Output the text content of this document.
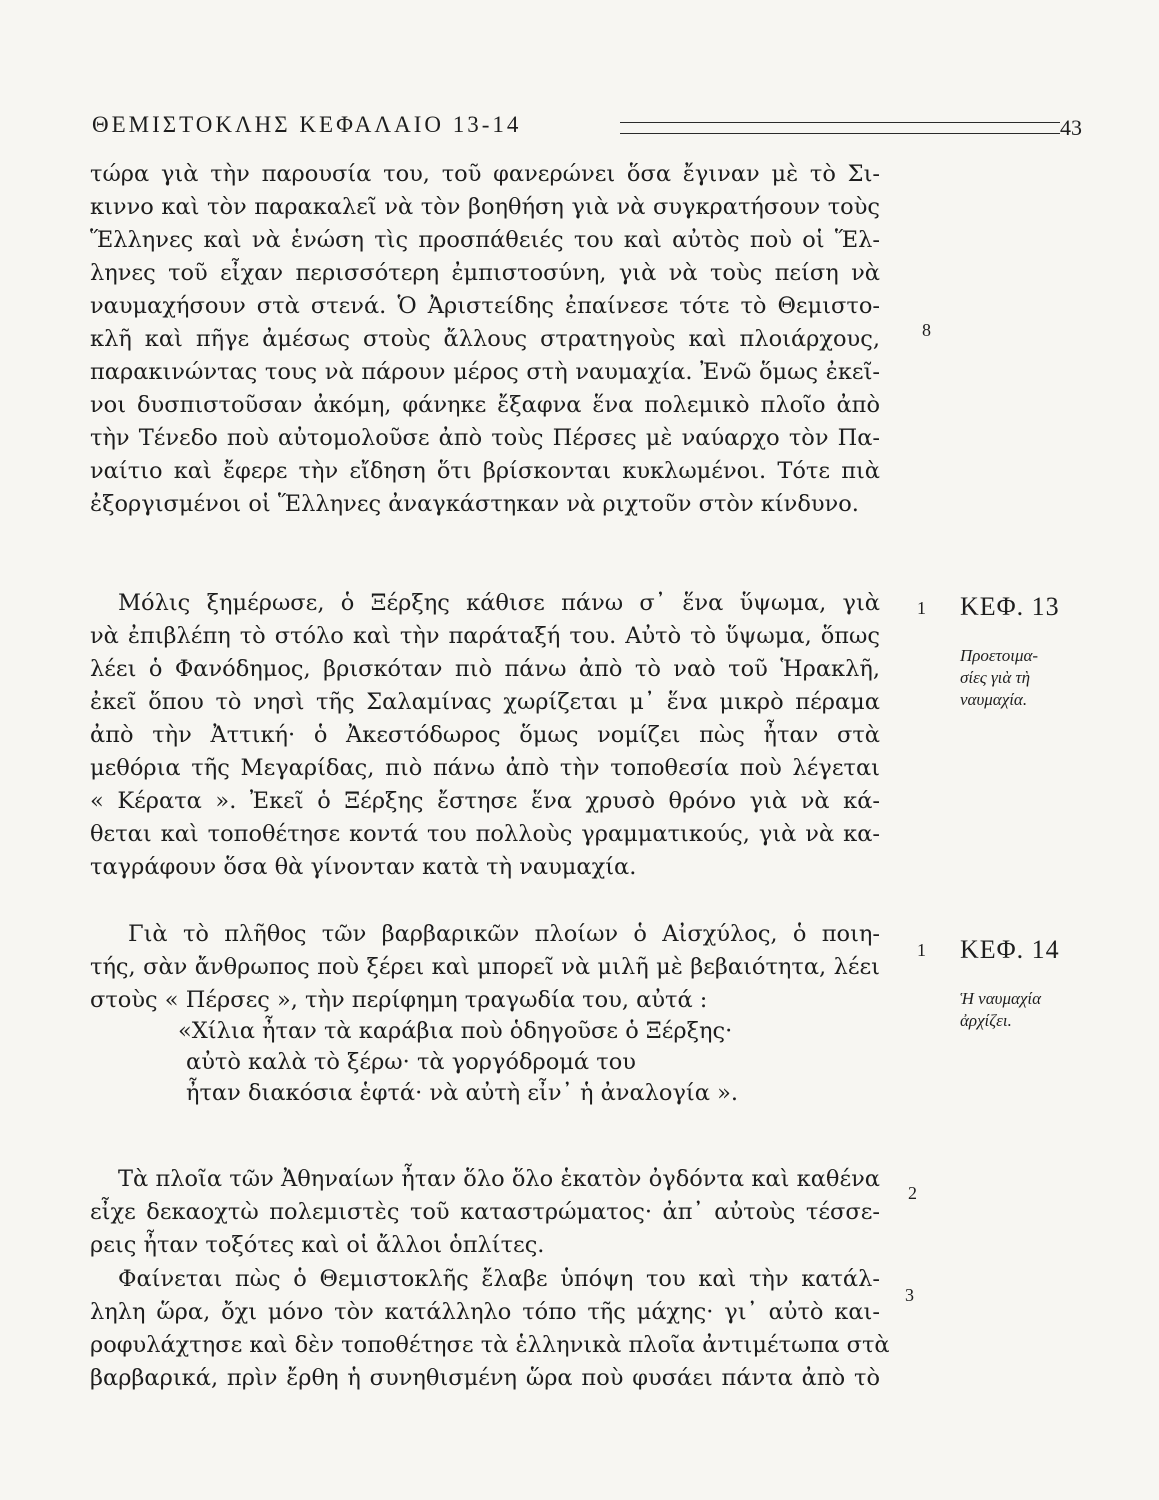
ΘΕΜΙΣΤΟΚΛΗΣ ΚΕΦΑΛΑΙΟ 13-14	43

τώρα γιὰ τὴν παρουσία του, τοῦ φανερώνει ὅσα ἔγιναν μὲ τὸ Σι-
κιννο καὶ τὸν παρακαλεῖ νὰ τὸν βοηθήση γιὰ νὰ συγκρατήσουν τοὺς
Ἕλληνες καὶ νὰ ἑνώση τὶς προσπάθειές του καὶ αὐτὸς ποὺ οἱ Ἕλ-
ληνες τοῦ εἶχαν περισσότερη ἐμπιστοσύνη, γιὰ νὰ τοὺς πείση νὰ
ναυμαχήσουν στὰ στενά. Ὁ Ἀριστείδης ἐπαίνεσε τότε τὸ Θεμιστο-
κλῆ καὶ πῆγε ἀμέσως στοὺς ἄλλους στρατηγοὺς καὶ πλοιάρχους,
παρακινώντας τους νὰ πάρουν μέρος στὴ ναυμαχία. Ἐνῶ ὅμως ἐκεῖ-
νοι δυσπιστοῦσαν ἀκόμη, φάνηκε ἔξαφνα ἕνα πολεμικὸ πλοῖο ἀπὸ
τὴν Τένεδο ποὺ αὐτομολοῦσε ἀπὸ τοὺς Πέρσες μὲ ναύαρχο τὸν Πα-
ναίτιο καὶ ἔφερε τὴν εἴδηση ὅτι βρίσκονται κυκλωμένοι. Τότε πιὰ
ἐξοργισμένοι οἱ Ἕλληνες ἀναγκάστηκαν νὰ ριχτοῦν στὸν κίνδυνο.

Μόλις ξημέρωσε, ὁ Ξέρξης κάθισε πάνω σ᾽ ἕνα ὕψωμα, γιὰ
νὰ ἐπιβλέπη τὸ στόλο καὶ τὴν παράταξή του. Αὐτὸ τὸ ὕψωμα, ὅπως
λέει ὁ Φανόδημος, βρισκόταν πιὸ πάνω ἀπὸ τὸ ναὸ τοῦ Ἡρακλῆ,
ἐκεῖ ὅπου τὸ νησὶ τῆς Σαλαμίνας χωρίζεται μ᾽ ἕνα μικρὸ πέραμα
ἀπὸ τὴν Ἀττική· ὁ Ἀκεστόδωρος ὅμως νομίζει πὼς ἦταν στὰ
μεθόρια τῆς Μεγαρίδας, πιὸ πάνω ἀπὸ τὴν τοποθεσία ποὺ λέγεται
« Κέρατα ». Ἐκεῖ ὁ Ξέρξης ἔστησε ἕνα χρυσὸ θρόνο γιὰ νὰ κά-
θεται καὶ τοποθέτησε κοντά του πολλοὺς γραμματικούς, γιὰ νὰ κα-
ταγράφουν ὅσα θὰ γίνονταν κατὰ τὴ ναυμαχία.

Γιὰ τὸ πλῆθος τῶν βαρβαρικῶν πλοίων ὁ Αἰσχύλος, ὁ ποιη-
τής, σὰν ἄνθρωπος ποὺ ξέρει καὶ μπορεῖ νὰ μιλῆ μὲ βεβαιότητα, λέει
στοὺς « Πέρσες », τὴν περίφημη τραγωδία του, αὐτά :

«Χίλια ἦταν τὰ καράβια ποὺ ὁδηγοῦσε ὁ Ξέρξης·
αὐτὸ καλὰ τὸ ξέρω· τὰ γοργόδρομά του
ἦταν διακόσια ἑφτά· νὰ αὐτὴ εἶν᾽ ἡ ἀναλογία ».

Τὰ πλοῖα τῶν Ἀθηναίων ἦταν ὅλο ὅλο ἑκατὸν ὀγδόντα καὶ καθένα
εἶχε δεκαοχτὼ πολεμιστὲς τοῦ καταστρώματος· ἀπ᾽ αὐτοὺς τέσσε-
ρεις ἦταν τοξότες καὶ οἱ ἄλλοι ὁπλίτες.

Φαίνεται πὼς ὁ Θεμιστοκλῆς ἔλαβε ὑπόψη του καὶ τὴν κατάλ-
ληλη ὥρα, ὄχι μόνο τὸν κατάλληλο τόπο τῆς μάχης· γι᾽ αὐτὸ και-
ροφυλάχτησε καὶ δὲν τοποθέτησε τὰ ἑλληνικὰ πλοῖα ἀντιμέτωπα στὰ
βαρβαρικά, πρὶν ἔρθη ἡ συνηθισμένη ὥρα ποὺ φυσάει πάντα ἀπὸ τὸ

8
1
1
2
3
ΚΕΦ. 13
Προετοιμα-
σίες γιὰ τὴ
ναυμαχία.
ΚΕΦ. 14
Ἡ ναυμαχία
ἀρχίζει.
